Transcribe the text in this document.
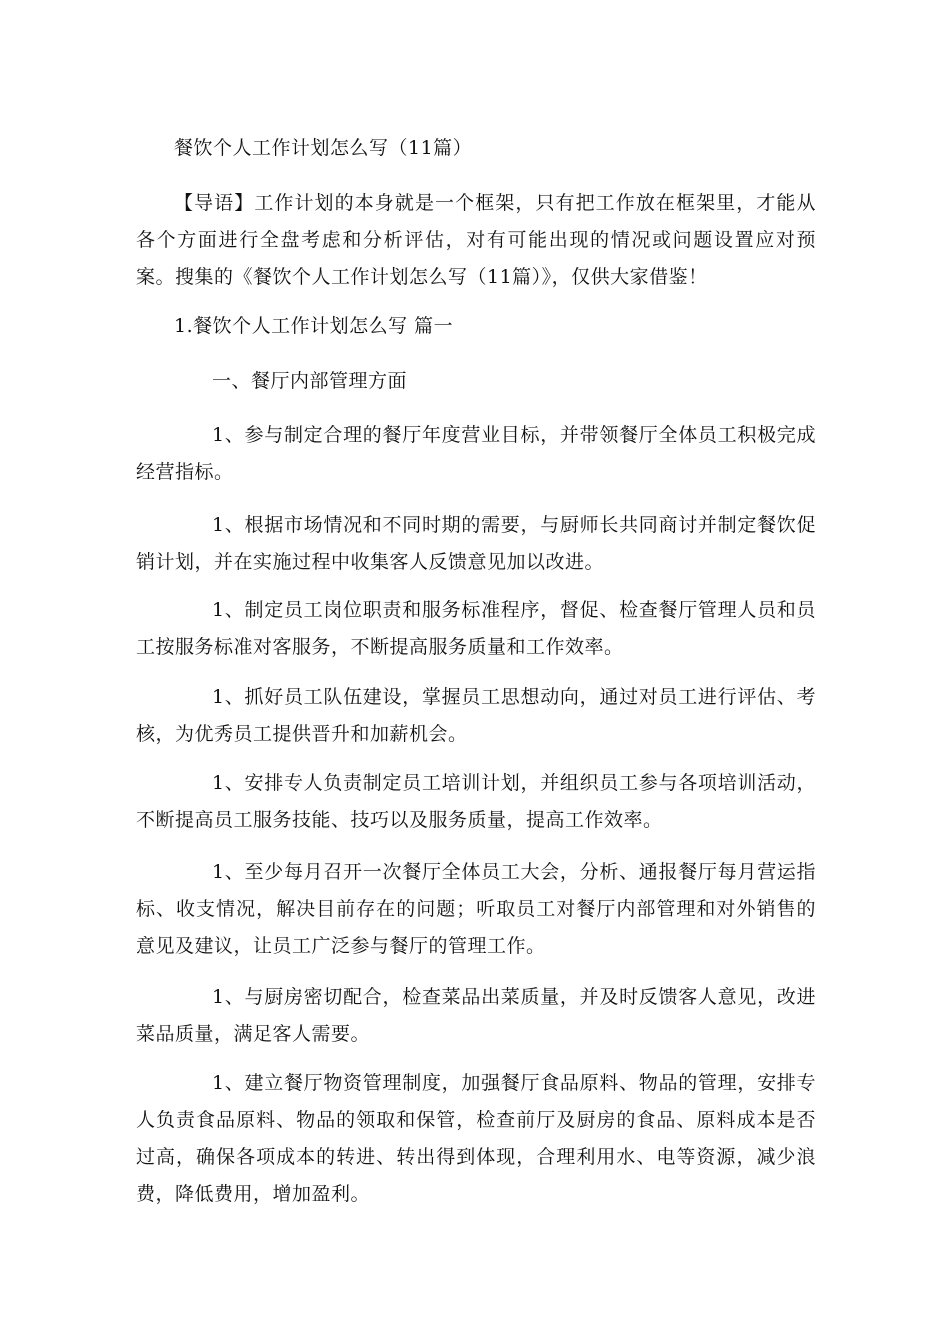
餐饮个人工作计划怎么写（11篇）

【导语】工作计划的本身就是一个框架，只有把工作放在框架里，才能从各个方面进行全盘考虑和分析评估，对有可能出现的情况或问题设置应对预案。搜集的《餐饮个人工作计划怎么写（11篇）》，仅供大家借鉴！

1.餐饮个人工作计划怎么写 篇一
一、餐厅内部管理方面

1、参与制定合理的餐厅年度营业目标，并带领餐厅全体员工积极完成经营指标。

1、根据市场情况和不同时期的需要，与厨师长共同商讨并制定餐饮促销计划，并在实施过程中收集客人反馈意见加以改进。

1、制定员工岗位职责和服务标准程序，督促、检查餐厅管理人员和员工按服务标准对客服务，不断提高服务质量和工作效率。

1、抓好员工队伍建设，掌握员工思想动向，通过对员工进行评估、考核，为优秀员工提供晋升和加薪机会。

1、安排专人负责制定员工培训计划，并组织员工参与各项培训活动，不断提高员工服务技能、技巧以及服务质量，提高工作效率。

1、至少每月召开一次餐厅全体员工大会，分析、通报餐厅每月营运指标、收支情况，解决目前存在的问题；听取员工对餐厅内部管理和对外销售的意见及建议，让员工广泛参与餐厅的管理工作。

1、与厨房密切配合，检查菜品出菜质量，并及时反馈客人意见，改进菜品质量，满足客人需要。

1、建立餐厅物资管理制度，加强餐厅食品原料、物品的管理，安排专人负责食品原料、物品的领取和保管，检查前厅及厨房的食品、原料成本是否过高，确保各项成本的转进、转出得到体现，合理利用水、电等资源，减少浪费，降低费用，增加盈利。
